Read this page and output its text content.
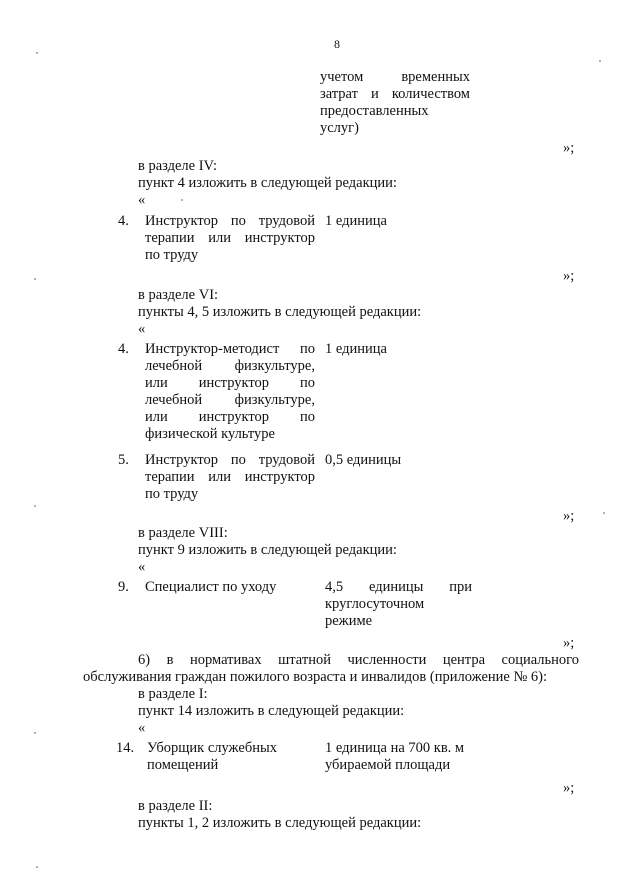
8
учетом временных
затрат и количеством
предоставленных
услуг)
»;
в разделе IV:
пункт 4 изложить в следующей редакции:
«
4. Инструктор по трудовой
терапии или инструктор
по труду
1 единица
»;
в разделе VI:
пункты 4, 5 изложить в следующей редакции:
«
4. Инструктор-методист по
лечебной физкультуре,
или инструктор по
лечебной физкультуре,
или инструктор по
физической культуре
1 единица
5. Инструктор по трудовой
терапии или инструктор
по труду
0,5 единицы
»;
в разделе VIII:
пункт 9 изложить в следующей редакции:
«
9. Специалист по уходу	4,5 единицы при
круглосуточном
режиме
»;
6) в нормативах штатной численности центра социального
обслуживания граждан пожилого возраста и инвалидов (приложение № 6):
в разделе I:
пункт 14 изложить в следующей редакции:
«
14. Уборщик служебных
помещений
1 единица на 700 кв. м
убираемой площади
»;
в разделе II:
пункты 1, 2 изложить в следующей редакции:
